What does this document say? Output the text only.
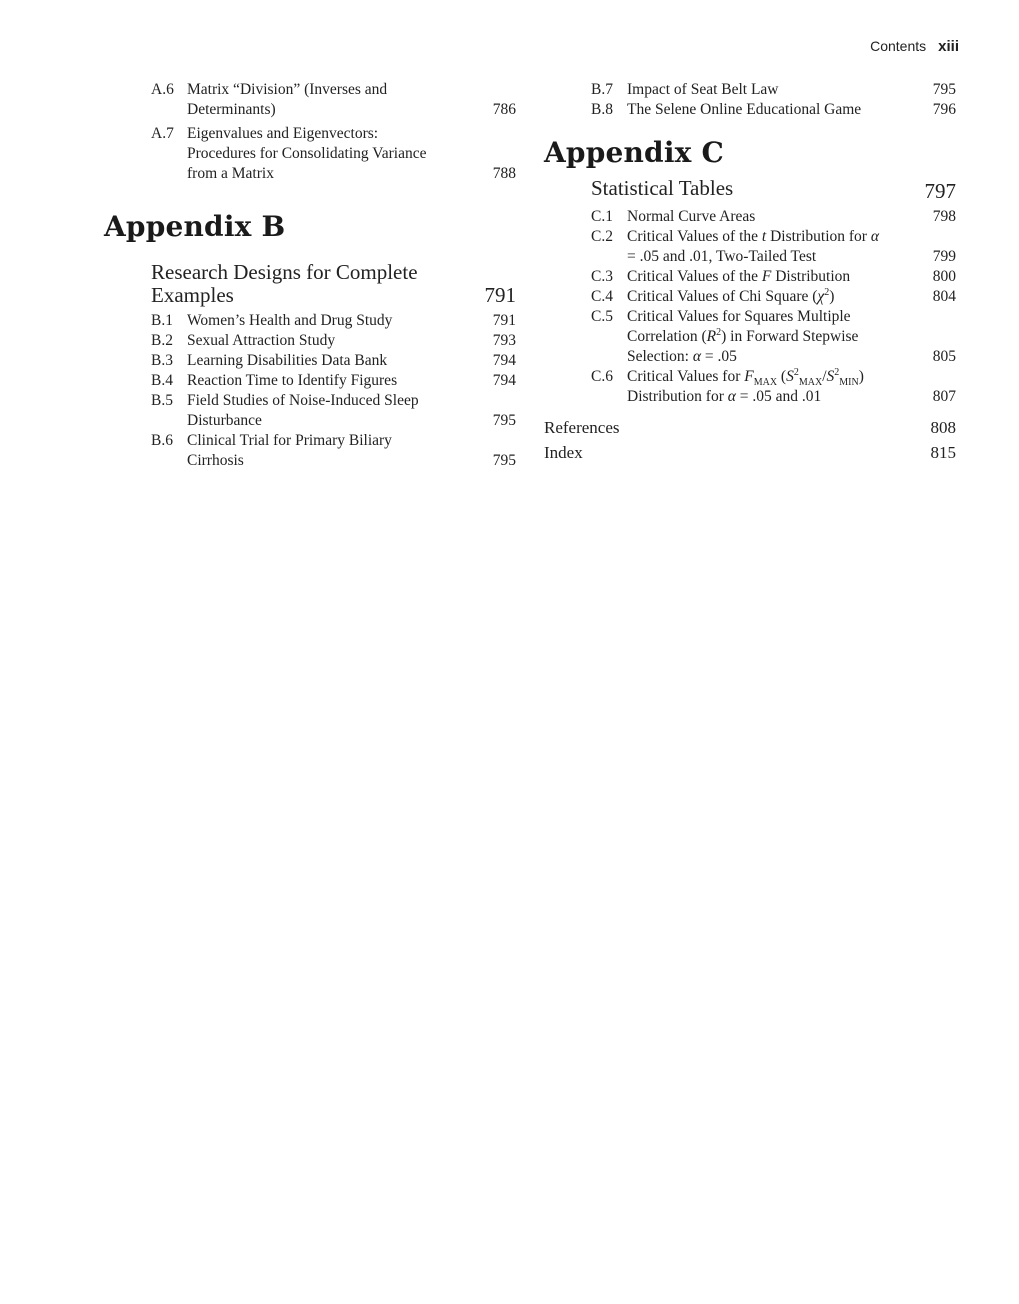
Contents xiii
A.6 Matrix “Division” (Inverses and Determinants)	786
A.7 Eigenvalues and Eigenvectors: Procedures for Consolidating Variance from a Matrix	788
Appendix B
Research Designs for Complete Examples	791
B.1 Women’s Health and Drug Study	791
B.2 Sexual Attraction Study	793
B.3 Learning Disabilities Data Bank	794
B.4 Reaction Time to Identify Figures	794
B.5 Field Studies of Noise-Induced Sleep Disturbance	795
B.6 Clinical Trial for Primary Biliary Cirrhosis	795
B.7 Impact of Seat Belt Law	795
B.8 The Selene Online Educational Game	796
Appendix C
Statistical Tables	797
C.1 Normal Curve Areas	798
C.2 Critical Values of the t Distribution for α = .05 and .01, Two-Tailed Test	799
C.3 Critical Values of the F Distribution	800
C.4 Critical Values of Chi Square $(\chi^2)$	804
C.5 Critical Values for Squares Multiple Correlation $(R^2)$ in Forward Stepwise Selection: α = .05	805
C.6 Critical Values for $F_{MAX}$ $(S^2_{MAX}/S^2_{MIN})$ Distribution for α = .05 and .01	807
References	808
Index	815
